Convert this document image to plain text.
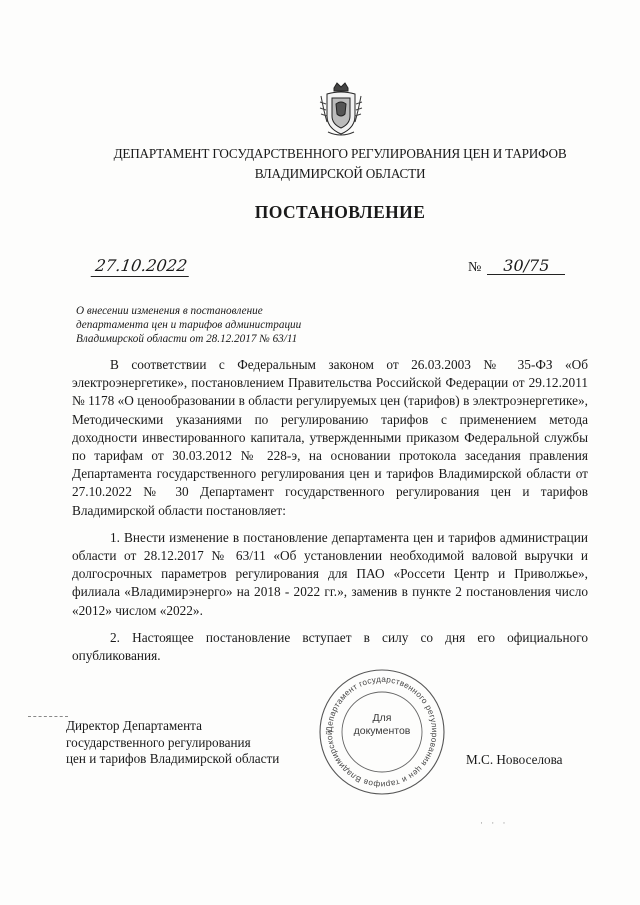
ДЕПАРТАМЕНТ ГОСУДАРСТВЕННОГО РЕГУЛИРОВАНИЯ ЦЕН И ТАРИФОВ
ВЛАДИМИРСКОЙ ОБЛАСТИ
ПОСТАНОВЛЕНИЕ
27.10.2022	№ 30/75
О внесении изменения в постановление
департамента цен и тарифов администрации
Владимирской области от 28.12.2017 № 63/11

В соответствии с Федеральным законом от 26.03.2003 № 35-ФЗ «Об электроэнергетике», постановлением Правительства Российской Федерации от 29.12.2011 № 1178 «О ценообразовании в области регулируемых цен (тарифов) в электроэнергетике», Методическими указаниями по регулированию тарифов с применением метода доходности инвестированного капитала, утвержденными приказом Федеральной службы по тарифам от 30.03.2012 № 228-э, на основании протокола заседания правления Департамента государственного регулирования цен и тарифов Владимирской области от 27.10.2022 № 30 Департамент государственного регулирования цен и тарифов Владимирской области постановляет:

1. Внести изменение в постановление департамента цен и тарифов администрации области от 28.12.2017 № 63/11 «Об установлении необходимой валовой выручки и долгосрочных параметров регулирования для ПАО «Россети Центр и Приволжье», филиала «Владимирэнерго» на 2018 - 2022 гг.», заменив в пункте 2 постановления число «2012» числом «2022».

2. Настоящее постановление вступает в силу со дня его официального опубликования.

Директор Департамента
государственного регулирования
цен и тарифов Владимирской области
Департамент государственного регулирования цен и тарифов Владимирской
Для
документов
М.С. Новоселова
· · ·
